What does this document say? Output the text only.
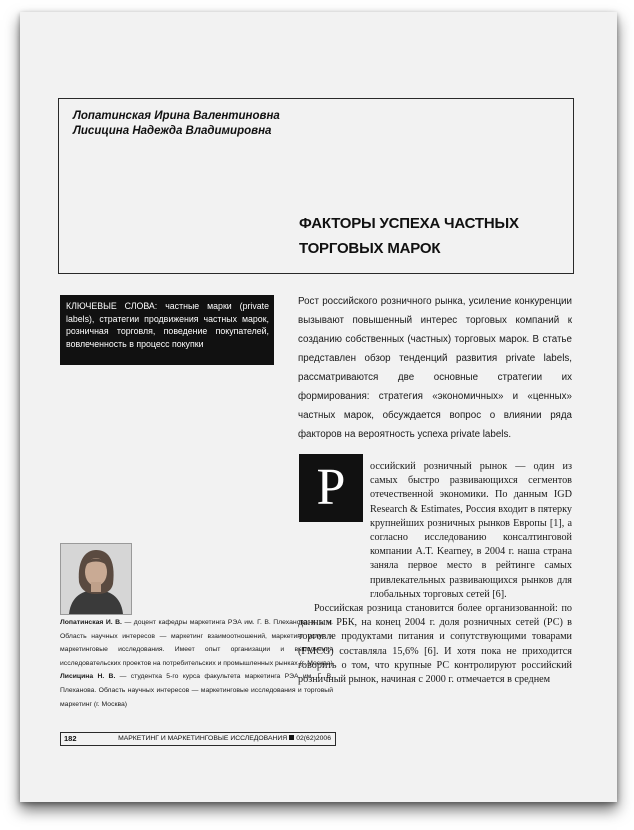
Лопатинская Ирина Валентиновна
Лисицина Надежда Владимировна
ФАКТОРЫ УСПЕХА ЧАСТНЫХ
ТОРГОВЫХ МАРОК
КЛЮЧЕВЫЕ СЛОВА: частные марки (private labels), стратегии продвижения частных марок, розничная торговля, поведение покупателей, вовлеченность в процесс покупки
Рост российского розничного рынка, усиление конкуренции вызывают повышенный интерес торговых компаний к созданию собственных (частных) торговых марок. В статье представлен обзор тенденций развития private labels, рассматриваются две основные стратегии их формирования: стратегия «экономичных» и «ценных» частных марок, обсуждается вопрос о влиянии ряда факторов на вероятность успеха private labels.
Р	оссийский розничный рынок — один из самых быстро развивающихся сегментов отечественной экономики. По данным IGD Research & Estimates, Россия входит в пятерку крупнейших розничных рынков Европы [1], а согласно исследованию консалтинговой компании A.T. Kearney, в 2004 г. наша страна заняла первое место в рейтинге самых привлекательных развивающихся рынков для глобальных торговых сетей [6].

Российская розница становится более организованной: по данным РБК, на конец 2004 г. доля розничных сетей (РС) в торговле продуктами питания и сопутствующими товарами (FMCG) составляла 15,6% [6]. И хотя пока не приходится говорить о том, что крупные РС контролируют российский розничный рынок, начиная с 2000 г. отмечается в среднем

Лопатинская И. В. — доцент кафедры маркетинга РЭА им. Г. В. Плеханова, к. э. н. Область научных интересов — маркетинг взаимоотношений, маркетинг услуг и маркетинговые исследования. Имеет опыт организации и выполнения исследовательских проектов на потребительских и промышленных рынках (г. Москва)

Лисицина Н. В. — студентка 5-го курса факультета маркетинга РЭА им. Г. В. Плеханова. Область научных интересов — маркетинговые исследования и торговый маркетинг (г. Москва)

182	МАРКЕТИНГ И МАРКЕТИНГОВЫЕ ИССЛЕДОВАНИЯ 02(62)2006
